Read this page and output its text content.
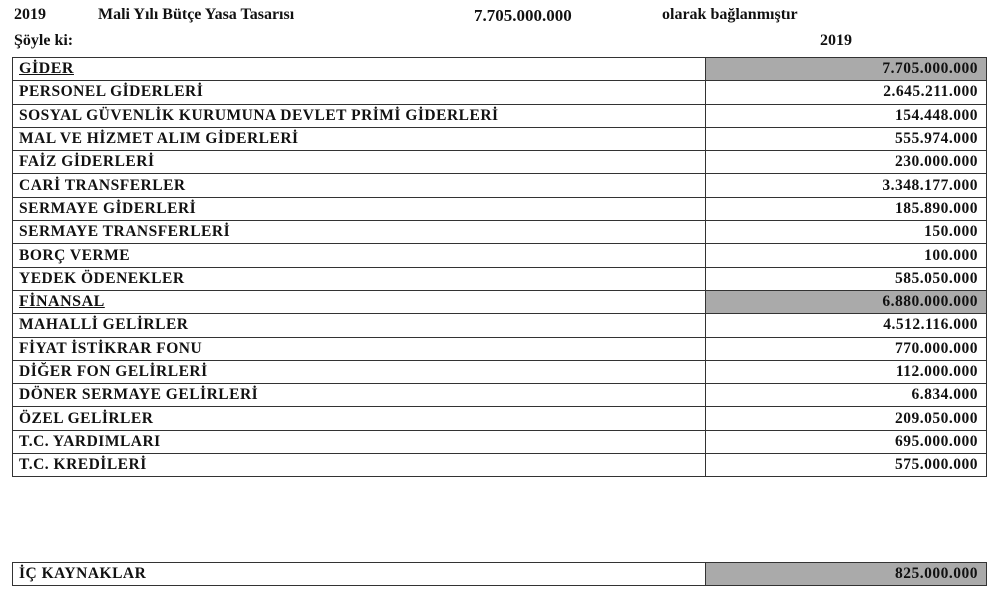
2019	Mali Yılı Bütçe Yasa Tasarısı	7.705.000.000	olarak bağlanmıştır
Şöyle ki:	2019
GİDER	7.705.000.000
PERSONEL GİDERLERİ	2.645.211.000
SOSYAL GÜVENLİK KURUMUNA DEVLET PRİMİ GİDERLERİ	154.448.000
MAL VE HİZMET ALIM GİDERLERİ	555.974.000
FAİZ GİDERLERİ	230.000.000
CARİ TRANSFERLER	3.348.177.000
SERMAYE GİDERLERİ	185.890.000
SERMAYE TRANSFERLERİ	150.000
BORÇ VERME	100.000
YEDEK ÖDENEKLER	585.050.000
FİNANSAL	6.880.000.000
MAHALLİ GELİRLER	4.512.116.000
FİYAT İSTİKRAR FONU	770.000.000
DİĞER FON GELİRLERİ	112.000.000
DÖNER SERMAYE GELİRLERİ	6.834.000
ÖZEL GELİRLER	209.050.000
T.C. YARDIMLARI	695.000.000
T.C. KREDİLERİ	575.000.000
İÇ KAYNAKLAR	825.000.000
